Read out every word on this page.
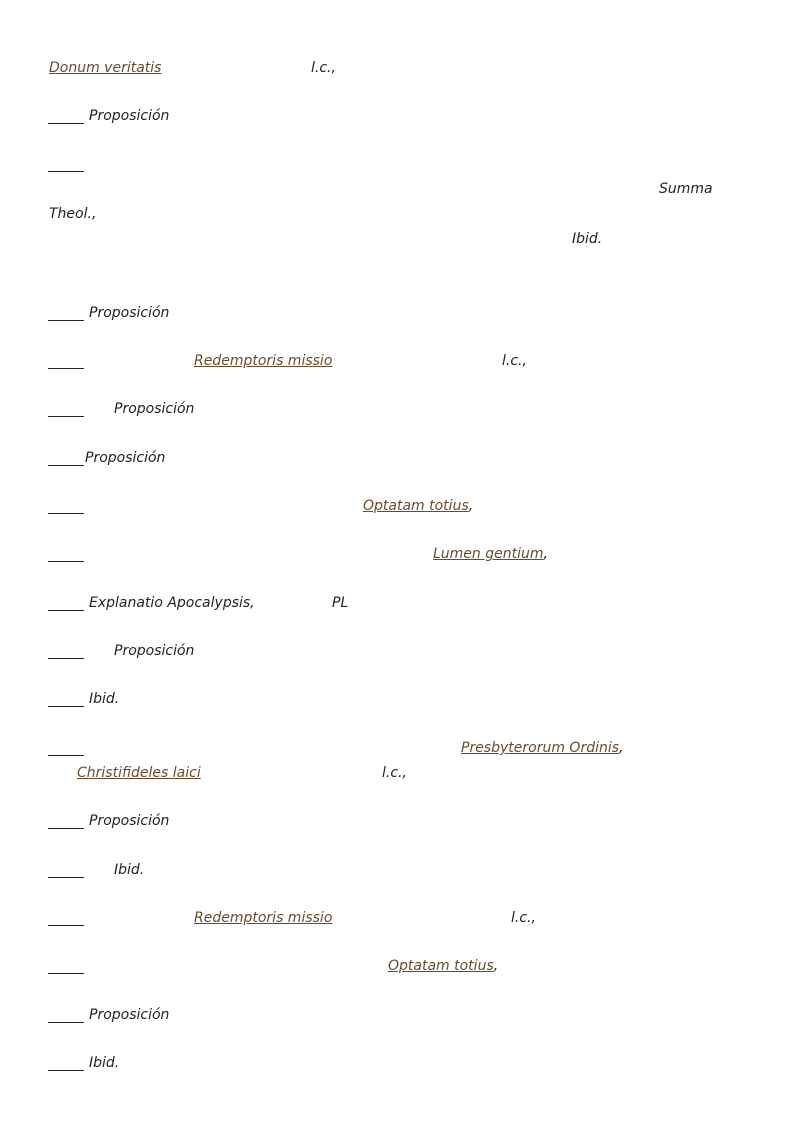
Donum veritatis	l.c.,
Proposición
Summa
Theol.,
Ibid.
Proposición
Redemptoris missio	l.c.,
Proposición
Proposición
Optatam totius,
Lumen gentium,
Explanatio Apocalypsis,	PL
Proposición
Ibid.
Presbyterorum Ordinis,
Christifideles laici	l.c.,
Proposición
Ibid.
Redemptoris missio	l.c.,
Optatam totius,
Proposición
Ibid.
